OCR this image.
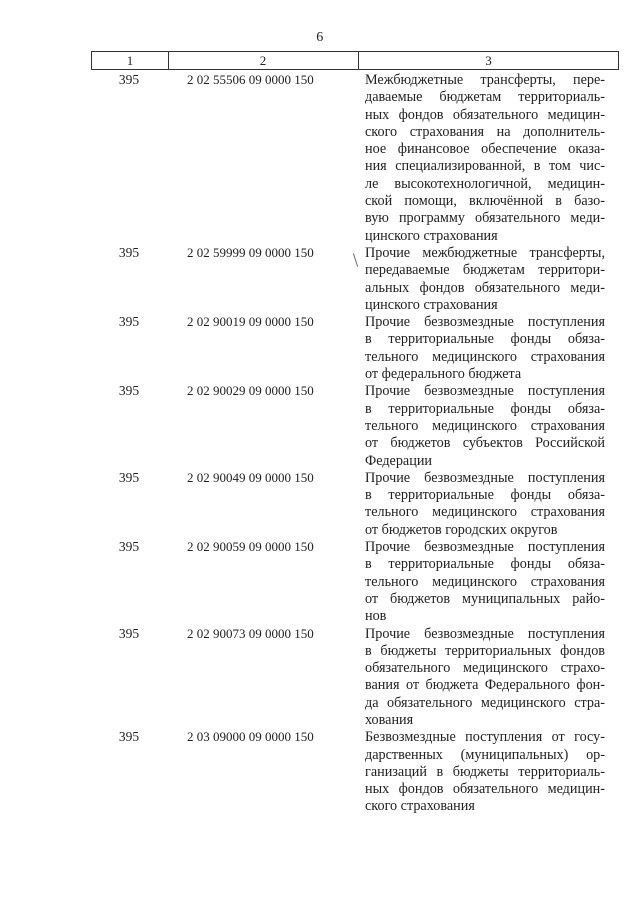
6
1	2	3
395	2 02 55506 09 0000 150	Межбюджетные трансферты, пере-
даваемые бюджетам территориаль-
ных фондов обязательного медицин-
ского страхования на дополнитель-
ное финансовое обеспечение оказа-
ния специализированной, в том чис-
ле высокотехнологичной, медицин-
ской помощи, включённой в базо-
вую программу обязательного меди-
цинского страхования
395	2 02 59999 09 0000 150	Прочие межбюджетные трансферты,
передаваемые бюджетам территори-
альных фондов обязательного меди-
цинского страхования
395	2 02 90019 09 0000 150	Прочие безвозмездные поступления
в территориальные фонды обяза-
тельного медицинского страхования
от федерального бюджета
395	2 02 90029 09 0000 150	Прочие безвозмездные поступления
в территориальные фонды обяза-
тельного медицинского страхования
от бюджетов субъектов Российской
Федерации
395	2 02 90049 09 0000 150	Прочие безвозмездные поступления
в территориальные фонды обяза-
тельного медицинского страхования
от бюджетов городских округов
395	2 02 90059 09 0000 150	Прочие безвозмездные поступления
в территориальные фонды обяза-
тельного медицинского страхования
от бюджетов муниципальных райо-
нов
395	2 02 90073 09 0000 150	Прочие безвозмездные поступления
в бюджеты территориальных фондов
обязательного медицинского страхо-
вания от бюджета Федерального фон-
да обязательного медицинского стра-
хования
395	2 03 09000 09 0000 150	Безвозмездные поступления от госу-
дарственных (муниципальных) ор-
ганизаций в бюджеты территориаль-
ных фондов обязательного медицин-
ского страхования
